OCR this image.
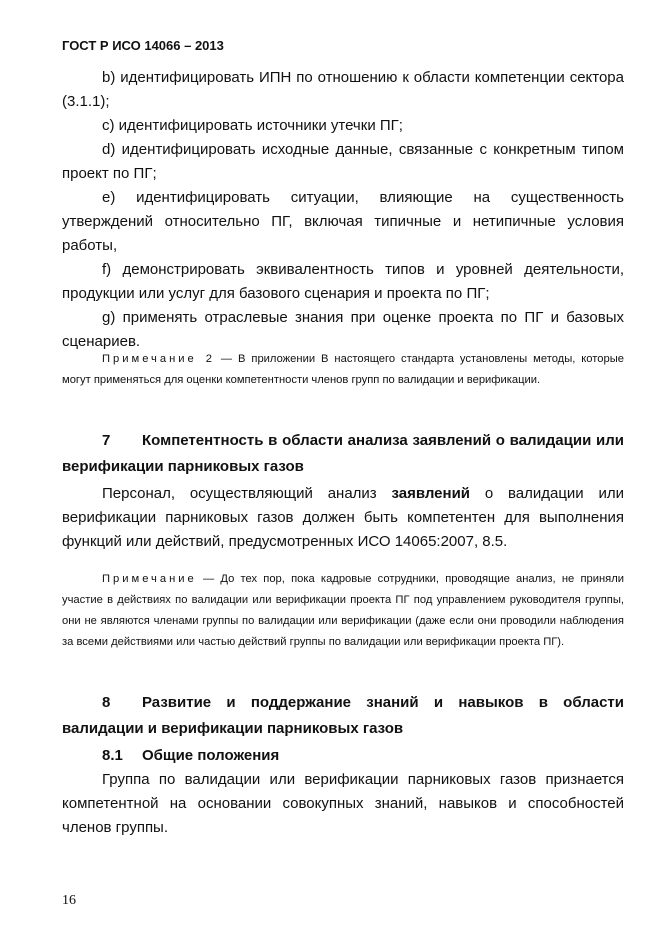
ГОСТ Р ИСО 14066 – 2013

b) идентифицировать ИПН по отношению к области компетенции сектора (3.1.1);

c) идентифицировать источники утечки ПГ;

d) идентифицировать исходные данные, связанные с конкретным типом проект по ПГ;

e) идентифицировать ситуации, влияющие на существенность

утверждений относительно ПГ, включая типичные и нетипичные условия работы,

f) демонстрировать эквивалентность типов и уровней деятельности, продукции или услуг для базового сценария и проекта по ПГ;

g) применять отраслевые знания при оценке проекта по ПГ и базовых сценариев.

Примечание 2 — В приложении В настоящего стандарта установлены методы, которые могут применяться для оценки компетентности членов групп по валидации и верификации.

7 Компетентность в области анализа заявлений о валидации или верификации парниковых газов

Персонал, осуществляющий анализ заявлений о валидации или верификации парниковых газов должен быть компетентен для выполнения функций или действий, предусмотренных ИСО 14065:2007, 8.5.

Примечание — До тех пор, пока кадровые сотрудники, проводящие анализ, не приняли участие в действиях по валидации или верификации проекта ПГ под управлением руководителя группы, они не являются членами группы по валидации или верификации (даже если они проводили наблюдения за всеми действиями или частью действий группы по валидации или верификации проекта ПГ).

8 Развитие и поддержание знаний и навыков в области валидации и верификации парниковых газов

8.1 Общие положения

Группа по валидации или верификации парниковых газов признается компетентной на основании совокупных знаний, навыков и способностей членов группы.

16
